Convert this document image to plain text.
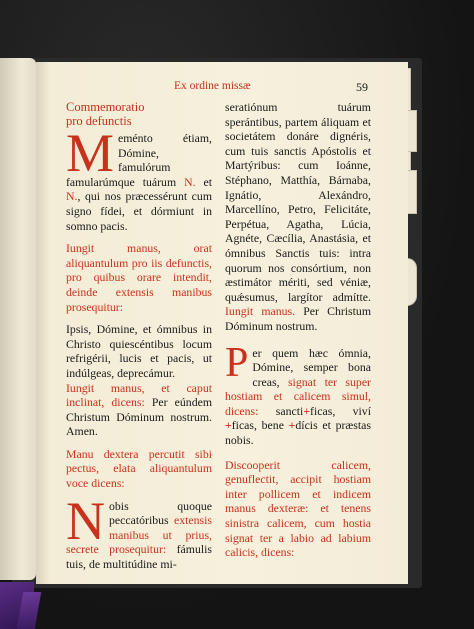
Ex ordine missæ	59
Commemoratio
pro defunctis

Meménto étiam, Dómine, famulórum famularúmque tuárum N. et N., qui nos præcessérunt cum signo fídei, et dórmiunt in somno pacis.

Iungit manus, orat aliquantulum pro iis defunctis, pro quibus orare intendit, deinde extensis manibus prosequitur:

Ipsis, Dómine, et ómnibus in Christo quiescéntibus locum refrigérii, lucis et pacis, ut indúlgeas, deprecámur.

Iungit manus, et caput inclinat, dicens: Per eúndem Christum Dóminum nostrum. Amen.

Manu dextera percutit sibi pectus, elata aliquantulum voce dicens:

Nobis quoque peccatóribus extensis manibus ut prius, secrete prosequitur: fámulis tuis, de multitúdine mi-

seratiónum tuárum sperántibus, partem áliquam et societátem donáre dignéris, cum tuis sanctis Apóstolis et Martýribus: cum Ioánne, Stéphano, Matthía, Bárnaba, Ignátio, Alexándro, Marcellíno, Petro, Felicitáte, Perpétua, Agatha, Lúcia, Agnéte, Cæcília, Anastásia, et ómnibus Sanctis tuis: intra quorum nos consórtium, non æstimátor mériti, sed véniæ, quǽsumus, largítor admítte. Iungit manus. Per Christum Dóminum nostrum.

Per quem hæc ómnia, Dómine, semper bona creas, signat ter super hostiam et calicem simul, dicens: sancti+ficas, viví +ficas, bene +dícis et præstas nobis.

Discooperit calicem, genuflectit, accipit hostiam inter pollicem et indicem manus dexteræ: et tenens sinistra calicem, cum hostia signat ter a labio ad labium calicis, dicens:
